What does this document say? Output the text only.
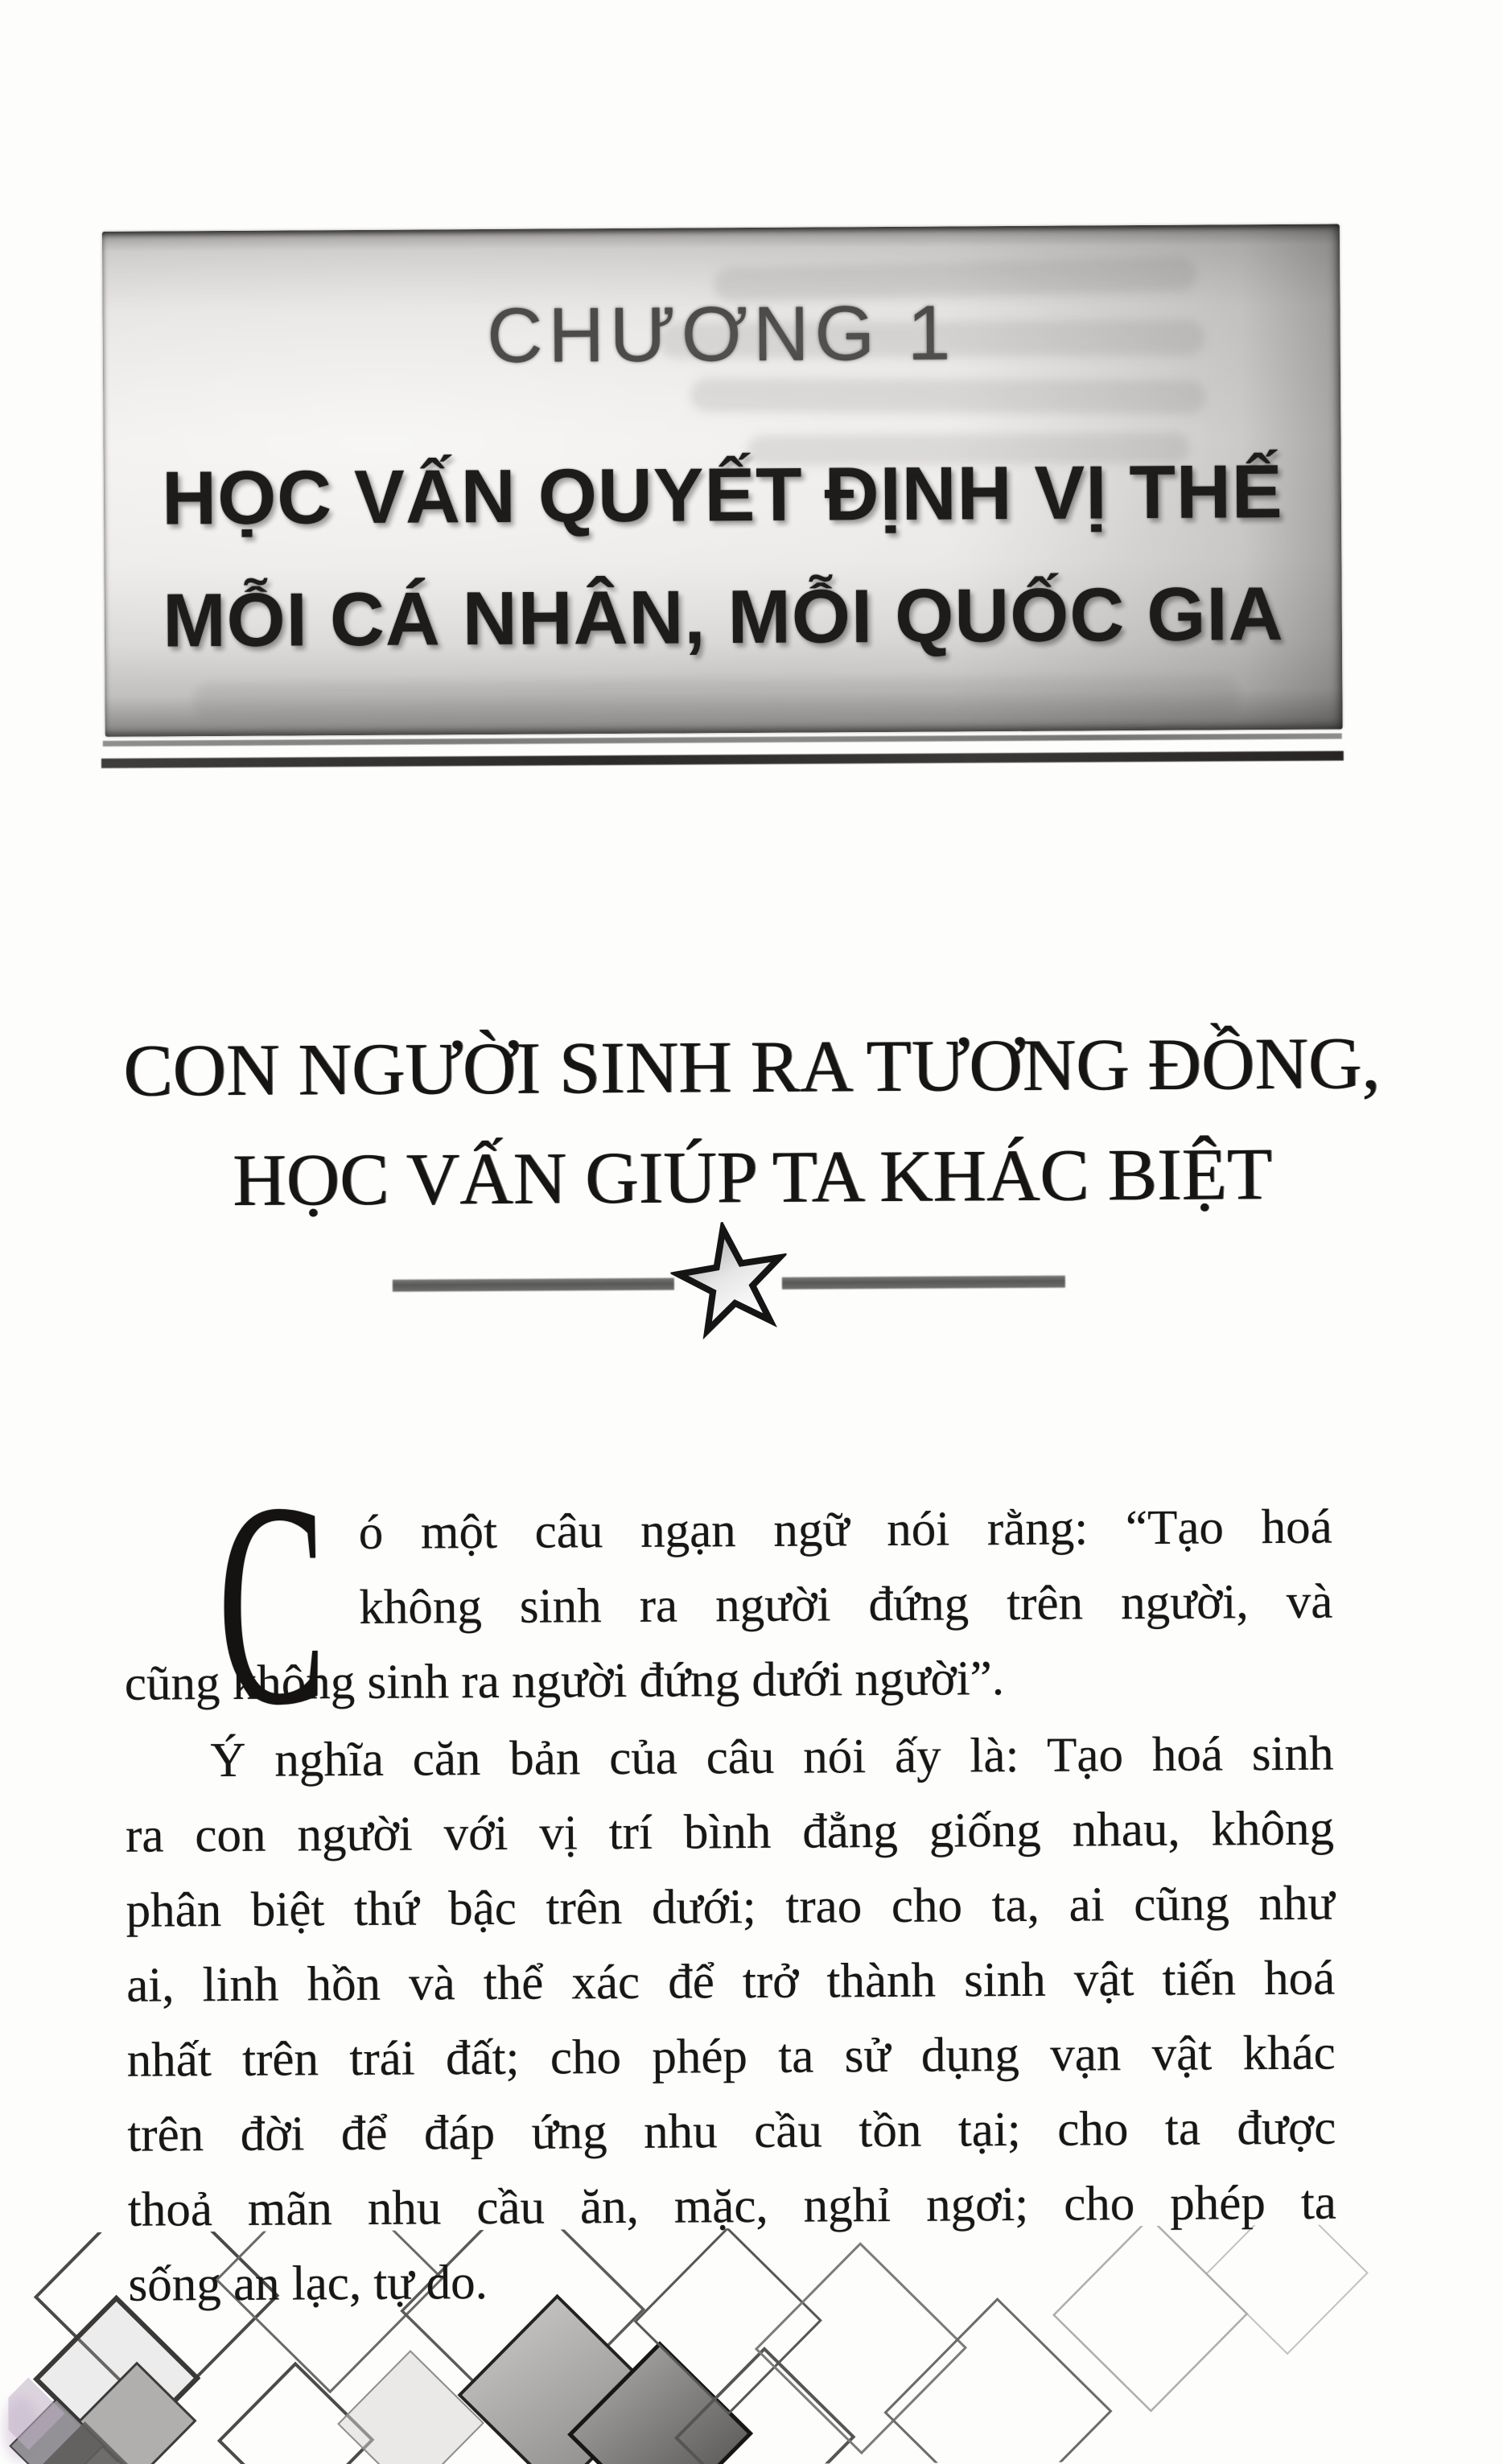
CHƯƠNG 1
HỌC VẤN QUYẾT ĐỊNH VỊ THẾ
MỖI CÁ NHÂN, MỖI QUỐC GIA
CON NGƯỜI SINH RA TƯƠNG ĐỒNG,
HỌC VẤN GIÚP TA KHÁC BIỆT
C ó một câu ngạn ngữ nói rằng: “Tạo hoá
không sinh ra người đứng trên người, và
cũng không sinh ra người đứng dưới người”.
Ý nghĩa căn bản của câu nói ấy là: Tạo hoá sinh
ra con người với vị trí bình đẳng giống nhau, không
phân biệt thứ bậc trên dưới; trao cho ta, ai cũng như
ai, linh hồn và thể xác để trở thành sinh vật tiến hoá
nhất trên trái đất; cho phép ta sử dụng vạn vật khác
trên đời để đáp ứng nhu cầu tồn tại; cho ta được
thoả mãn nhu cầu ăn, mặc, nghỉ ngơi; cho phép ta
sống an lạc, tự do.
